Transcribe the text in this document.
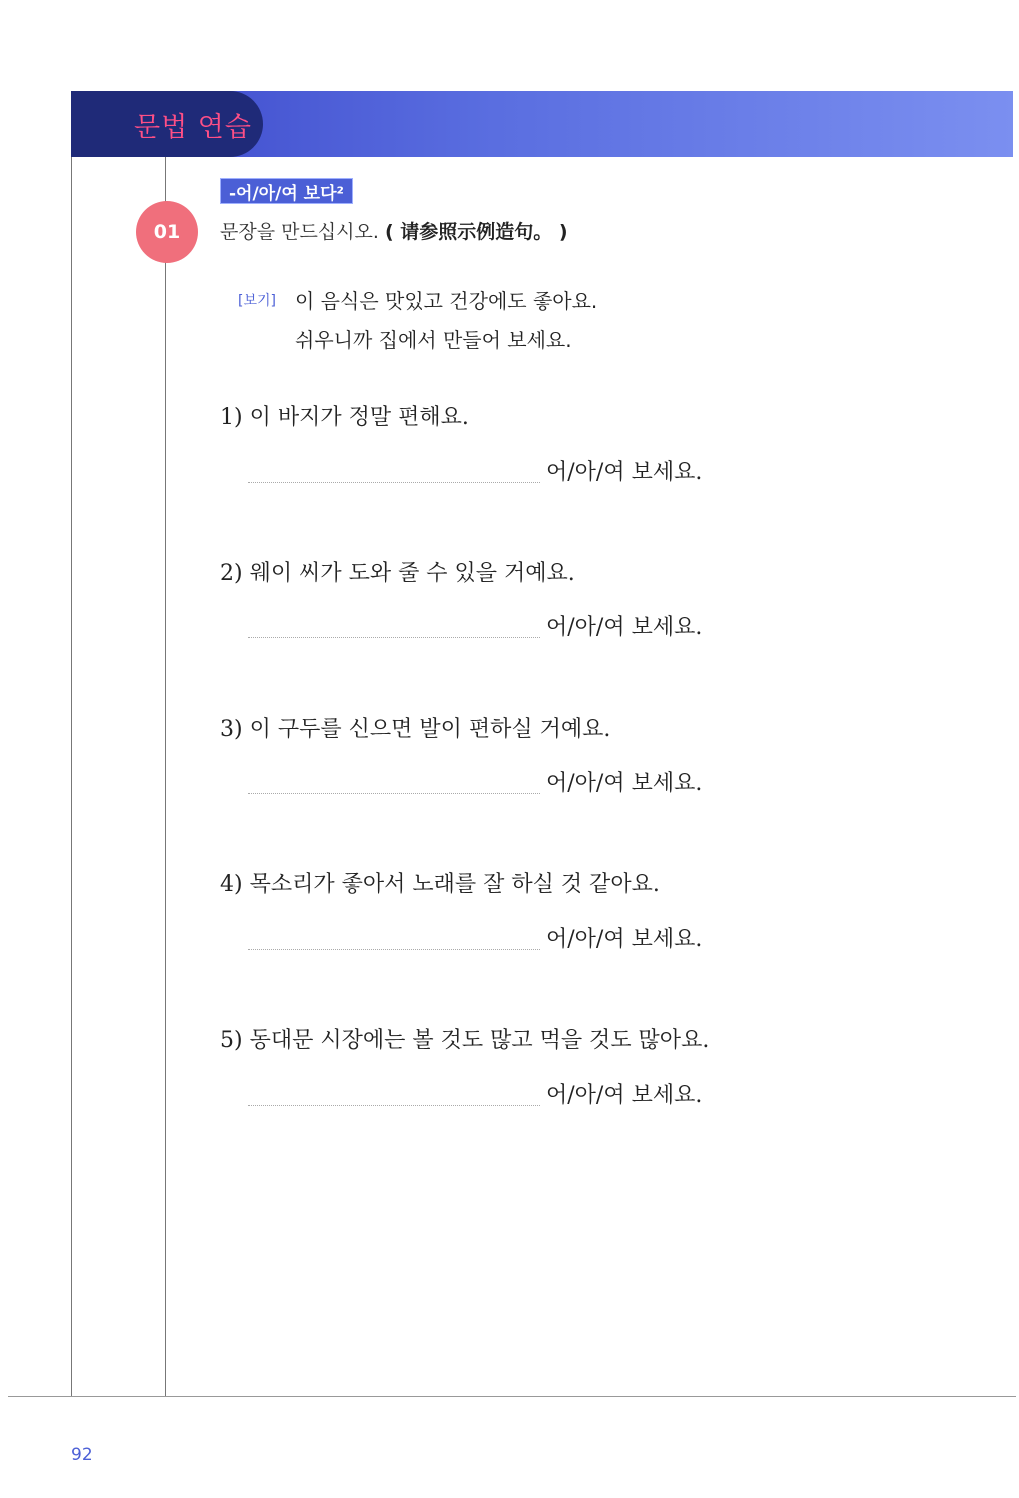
문법 연습
01
-어/아/여 보다²
문장을 만드십시오. ( 请参照示例造句。 )
[보기] 이 음식은 맛있고 건강에도 좋아요.
쉬우니까 집에서 만들어 보세요.
1) 이 바지가 정말 편해요.
어/아/여 보세요.
2) 웨이 씨가 도와 줄 수 있을 거예요.
어/아/여 보세요.
3) 이 구두를 신으면 발이 편하실 거예요.
어/아/여 보세요.
4) 목소리가 좋아서 노래를 잘 하실 것 같아요.
어/아/여 보세요.
5) 동대문 시장에는 볼 것도 많고 먹을 것도 많아요.
어/아/여 보세요.
92
